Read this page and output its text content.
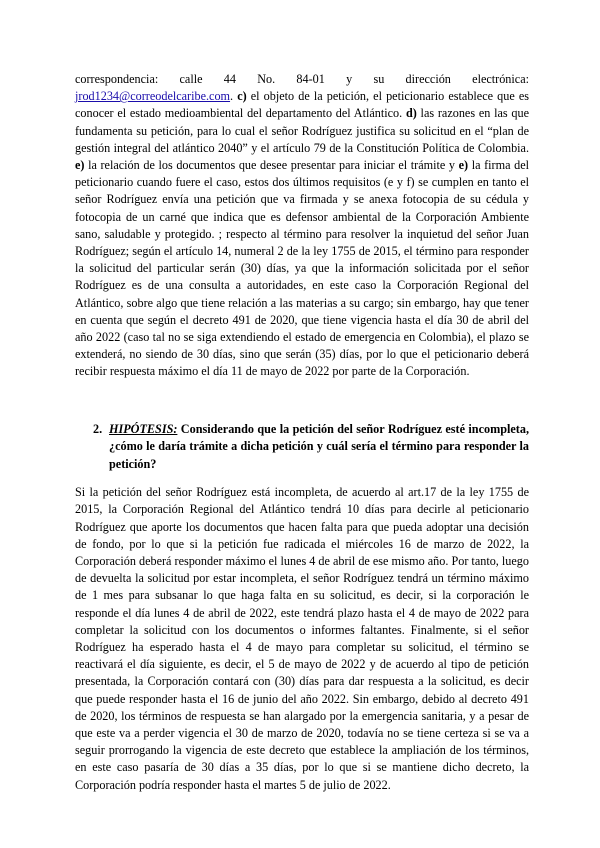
correspondencia: calle 44 No. 84-01 y su dirección electrónica: jrod1234@correodelcaribe.com. c) el objeto de la petición, el peticionario establece que es conocer el estado medioambiental del departamento del Atlántico. d) las razones en las que fundamenta su petición, para lo cual el señor Rodríguez justifica su solicitud en el “plan de gestión integral del atlántico 2040” y el artículo 79 de la Constitución Política de Colombia. e) la relación de los documentos que desee presentar para iniciar el trámite y e) la firma del peticionario cuando fuere el caso, estos dos últimos requisitos (e y f) se cumplen en tanto el señor Rodríguez envía una petición que va firmada y se anexa fotocopia de su cédula y fotocopia de un carné que indica que es defensor ambiental de la Corporación Ambiente sano, saludable y protegido. ; respecto al término para resolver la inquietud del señor Juan Rodríguez; según el artículo 14, numeral 2 de la ley 1755 de 2015, el término para responder la solicitud del particular serán (30) días, ya que la información solicitada por el señor Rodríguez es de una consulta a autoridades, en este caso la Corporación Regional del Atlántico, sobre algo que tiene relación a las materias a su cargo; sin embargo, hay que tener en cuenta que según el decreto 491 de 2020, que tiene vigencia hasta el día 30 de abril del año 2022 (caso tal no se siga extendiendo el estado de emergencia en Colombia), el plazo se extenderá, no siendo de 30 días, sino que serán (35) días, por lo que el peticionario deberá recibir respuesta máximo el día 11 de mayo de 2022 por parte de la Corporación.

2. HIPÓTESIS: Considerando que la petición del señor Rodríguez esté incompleta, ¿cómo le daría trámite a dicha petición y cuál sería el término para responder la petición?

Si la petición del señor Rodríguez está incompleta, de acuerdo al art.17 de la ley 1755 de 2015, la Corporación Regional del Atlántico tendrá 10 días para decirle al peticionario Rodríguez que aporte los documentos que hacen falta para que pueda adoptar una decisión de fondo, por lo que si la petición fue radicada el miércoles 16 de marzo de 2022, la Corporación deberá responder máximo el lunes 4 de abril de ese mismo año. Por tanto, luego de devuelta la solicitud por estar incompleta, el señor Rodríguez tendrá un término máximo de 1 mes para subsanar lo que haga falta en su solicitud, es decir, si la corporación le responde el día lunes 4 de abril de 2022, este tendrá plazo hasta el 4 de mayo de 2022 para completar la solicitud con los documentos o informes faltantes. Finalmente, si el señor Rodríguez ha esperado hasta el 4 de mayo para completar su solicitud, el término se reactivará el día siguiente, es decir, el 5 de mayo de 2022 y de acuerdo al tipo de petición presentada, la Corporación contará con (30) días para dar respuesta a la solicitud, es decir que puede responder hasta el 16 de junio del año 2022. Sin embargo, debido al decreto 491 de 2020, los términos de respuesta se han alargado por la emergencia sanitaria, y a pesar de que este va a perder vigencia el 30 de marzo de 2020, todavía no se tiene certeza si se va a seguir prorrogando la vigencia de este decreto que establece la ampliación de los términos, en este caso pasaría de 30 días a 35 días, por lo que si se mantiene dicho decreto, la Corporación podría responder hasta el martes 5 de julio de 2022.
